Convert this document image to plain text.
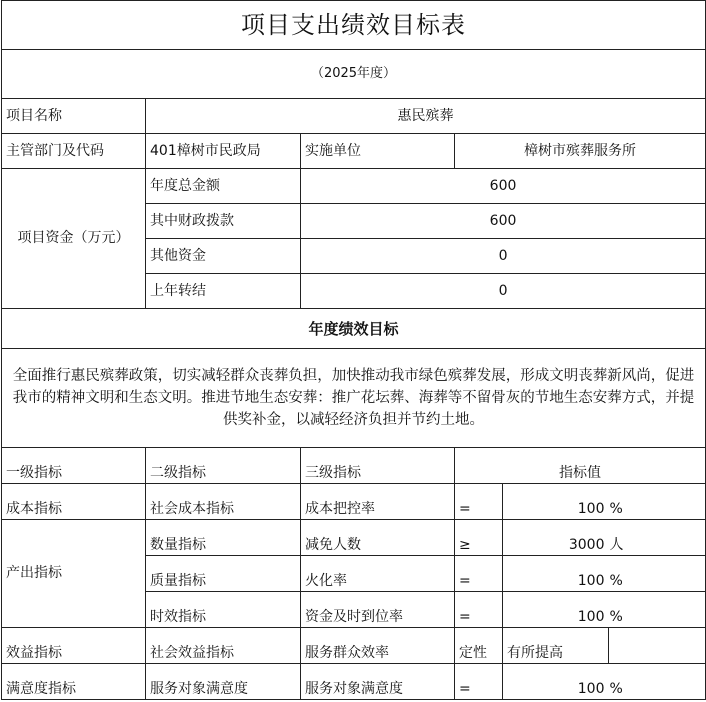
项目支出绩效目标表					
（2025年度）					
项目名称	惠民殡葬				
主管部门及代码	401樟树市民政局	实施单位	樟树市殡葬服务所		
项目资金（万元）	年度总金额	600			
	其中财政拨款	600			
	其他资金	0			
	上年转结	0			
年度绩效目标					
全面推行惠民殡葬政策，切实减轻群众丧葬负担，加快推动我市绿色殡葬发展，形成文明丧葬新风尚，促进我市的精神文明和生态文明。推进节地生态安葬：推广花坛葬、海葬等不留骨灰的节地生态安葬方式，并提供奖补金，以减轻经济负担并节约土地。					
一级指标	二级指标	三级指标	指标值		
成本指标	社会成本指标	成本把控率	=	100	%
产出指标	数量指标	减免人数	≥	3000	人
	质量指标	火化率	=	100	%
	时效指标	资金及时到位率	=	100	%
效益指标	社会效益指标	服务群众效率	定性	有所提高	
满意度指标	服务对象满意度	服务对象满意度	=	100	%
